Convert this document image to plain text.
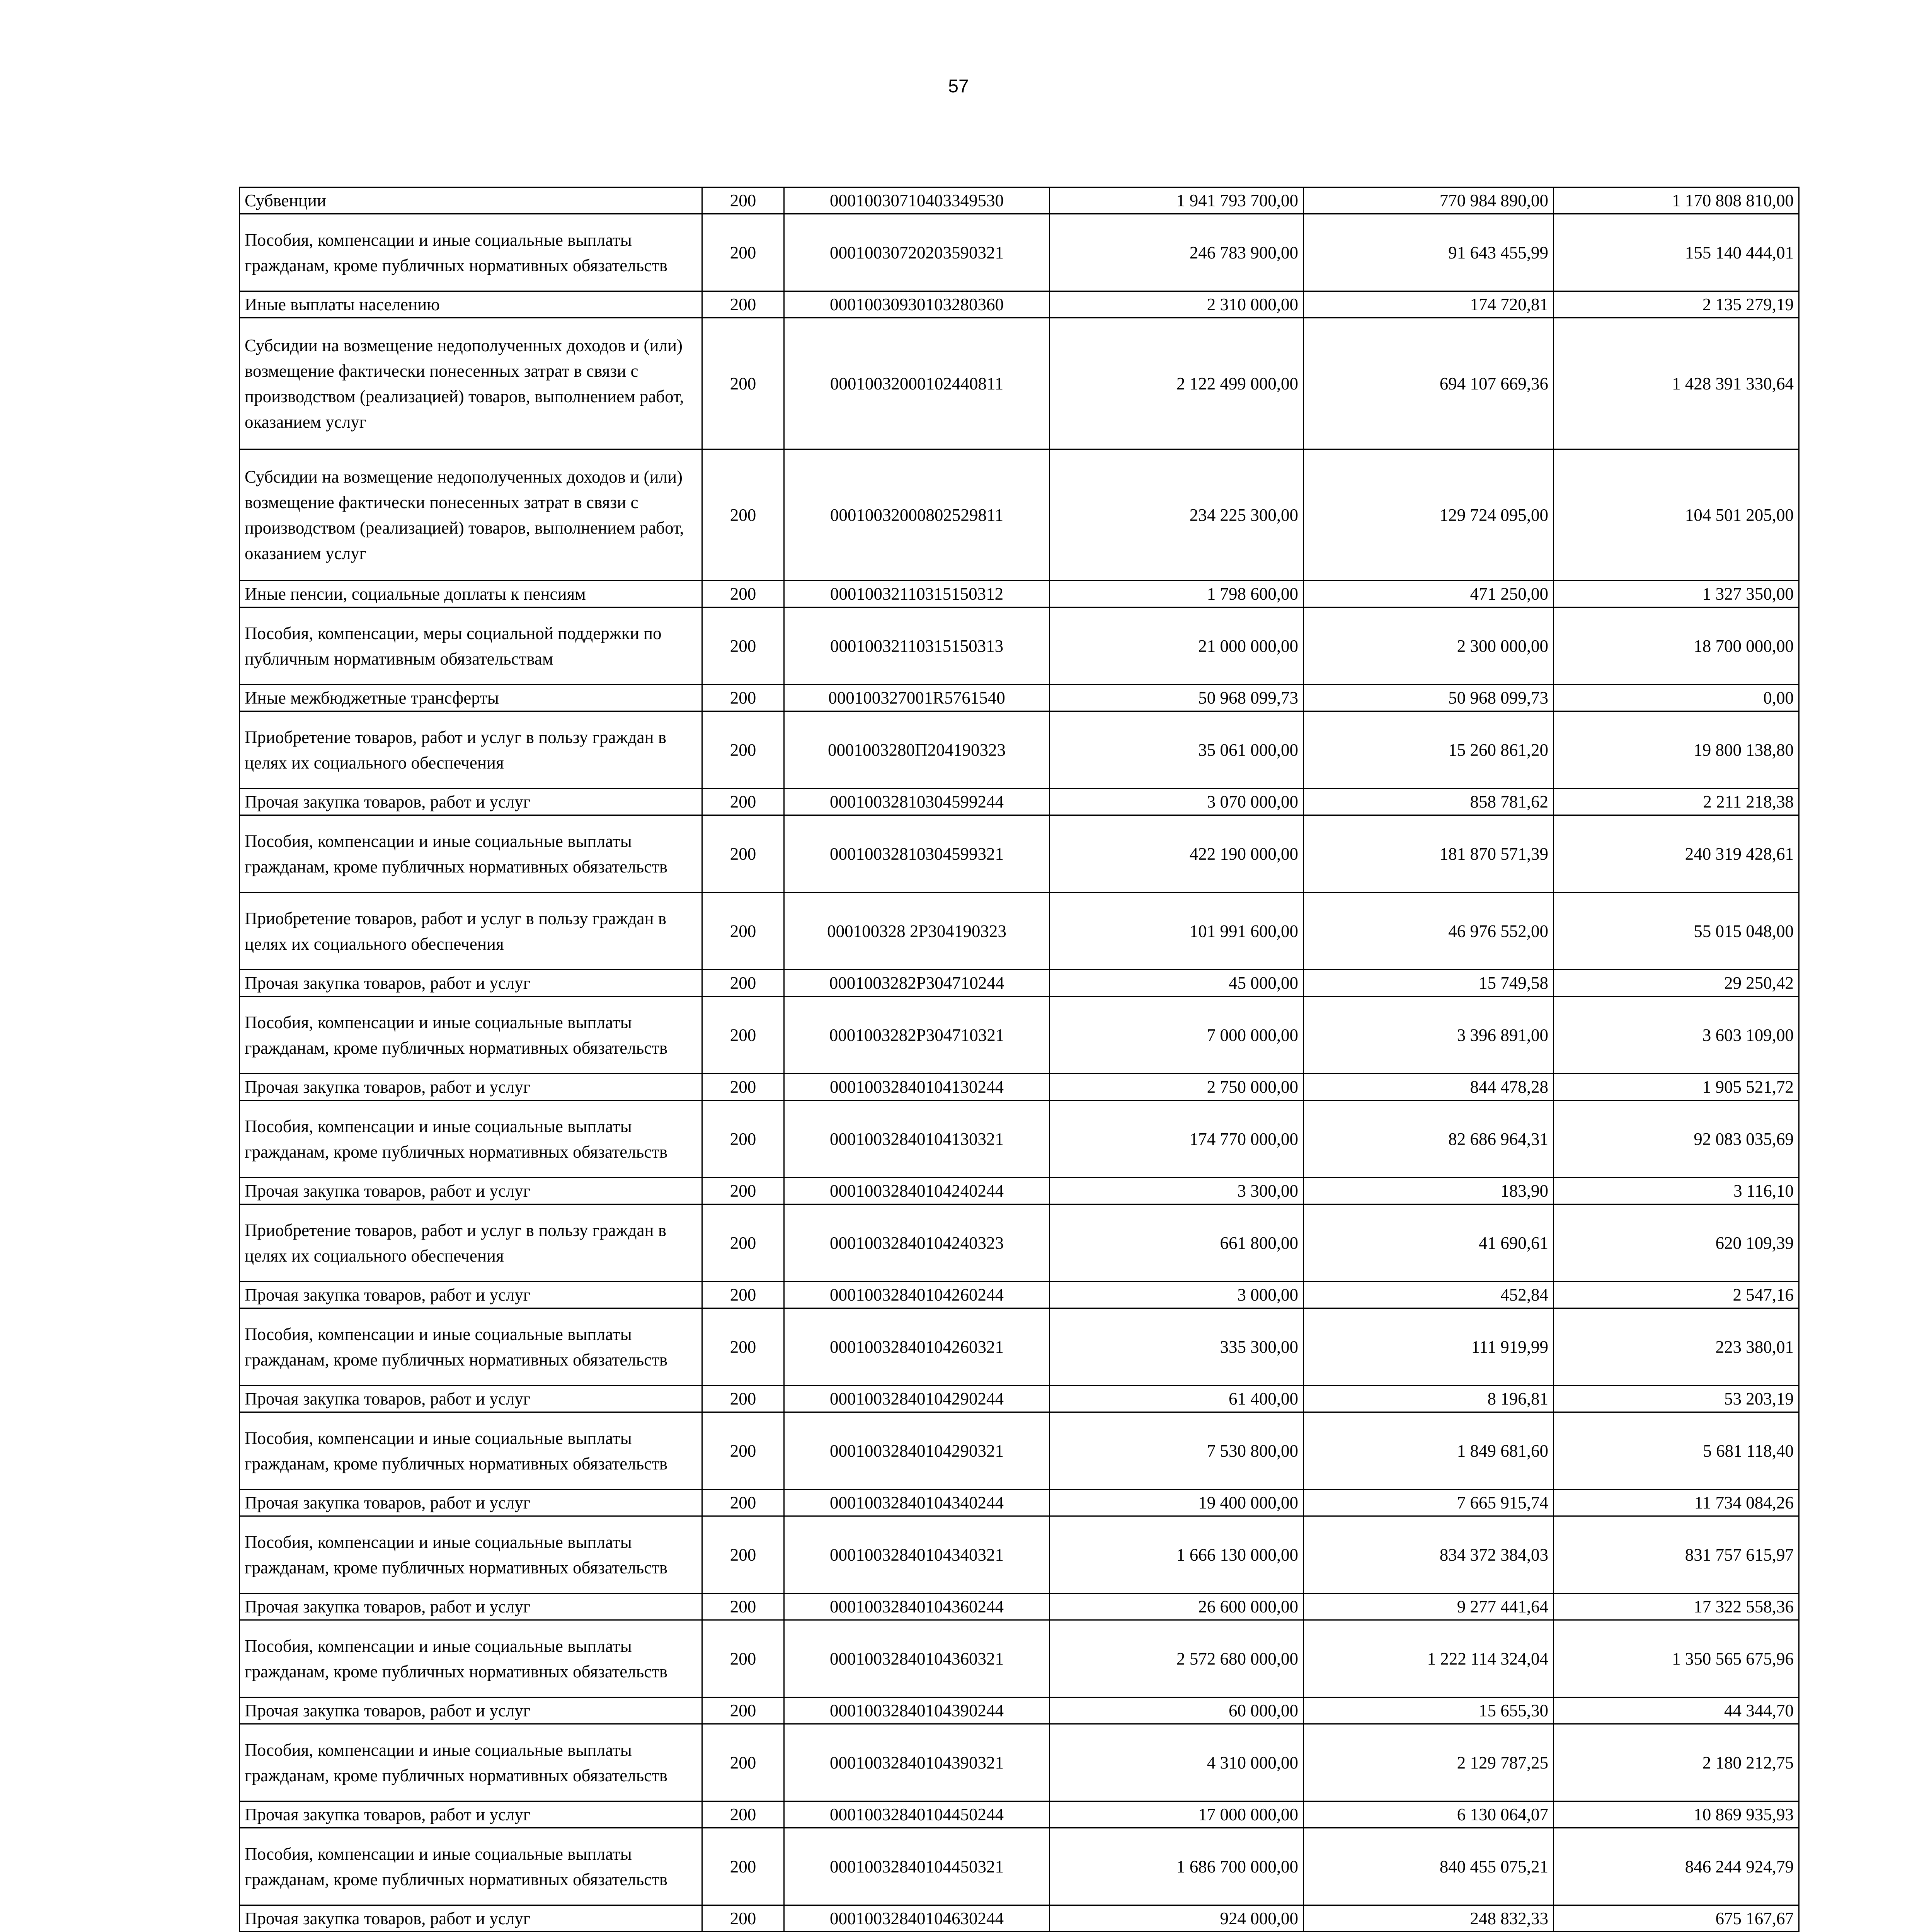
57
Субвенции	200	00010030710403349530	1 941 793 700,00	770 984 890,00	1 170 808 810,00
Пособия, компенсации и иные социальные выплаты гражданам, кроме публичных нормативных обязательств	200	00010030720203590321	246 783 900,00	91 643 455,99	155 140 444,01
Иные выплаты населению	200	00010030930103280360	2 310 000,00	174 720,81	2 135 279,19
Субсидии на возмещение недополученных доходов и (или) возмещение фактически понесенных затрат в связи с производством (реализацией) товаров, выполнением работ, оказанием услуг	200	00010032000102440811	2 122 499 000,00	694 107 669,36	1 428 391 330,64
Субсидии на возмещение недополученных доходов и (или) возмещение фактически понесенных затрат в связи с производством (реализацией) товаров, выполнением работ, оказанием услуг	200	00010032000802529811	234 225 300,00	129 724 095,00	104 501 205,00
Иные пенсии, социальные доплаты к пенсиям	200	00010032110315150312	1 798 600,00	471 250,00	1 327 350,00
Пособия, компенсации, меры социальной поддержки по публичным нормативным обязательствам	200	00010032110315150313	21 000 000,00	2 300 000,00	18 700 000,00
Иные межбюджетные трансферты	200	000100327001R5761540	50 968 099,73	50 968 099,73	0,00
Приобретение товаров, работ и услуг в пользу граждан в целях их социального обеспечения	200	0001003280П204190323	35 061 000,00	15 260 861,20	19 800 138,80
Прочая закупка товаров, работ и услуг	200	00010032810304599244	3 070 000,00	858 781,62	2 211 218,38
Пособия, компенсации и иные социальные выплаты гражданам, кроме публичных нормативных обязательств	200	00010032810304599321	422 190 000,00	181 870 571,39	240 319 428,61
Приобретение товаров, работ и услуг в пользу граждан в целях их социального обеспечения	200	000100328 2P304190323	101 991 600,00	46 976 552,00	55 015 048,00
Прочая закупка товаров, работ и услуг	200	0001003282P304710244	45 000,00	15 749,58	29 250,42
Пособия, компенсации и иные социальные выплаты гражданам, кроме публичных нормативных обязательств	200	0001003282P304710321	7 000 000,00	3 396 891,00	3 603 109,00
Прочая закупка товаров, работ и услуг	200	00010032840104130244	2 750 000,00	844 478,28	1 905 521,72
Пособия, компенсации и иные социальные выплаты гражданам, кроме публичных нормативных обязательств	200	00010032840104130321	174 770 000,00	82 686 964,31	92 083 035,69
Прочая закупка товаров, работ и услуг	200	00010032840104240244	3 300,00	183,90	3 116,10
Приобретение товаров, работ и услуг в пользу граждан в целях их социального обеспечения	200	00010032840104240323	661 800,00	41 690,61	620 109,39
Прочая закупка товаров, работ и услуг	200	00010032840104260244	3 000,00	452,84	2 547,16
Пособия, компенсации и иные социальные выплаты гражданам, кроме публичных нормативных обязательств	200	00010032840104260321	335 300,00	111 919,99	223 380,01
Прочая закупка товаров, работ и услуг	200	00010032840104290244	61 400,00	8 196,81	53 203,19
Пособия, компенсации и иные социальные выплаты гражданам, кроме публичных нормативных обязательств	200	00010032840104290321	7 530 800,00	1 849 681,60	5 681 118,40
Прочая закупка товаров, работ и услуг	200	00010032840104340244	19 400 000,00	7 665 915,74	11 734 084,26
Пособия, компенсации и иные социальные выплаты гражданам, кроме публичных нормативных обязательств	200	00010032840104340321	1 666 130 000,00	834 372 384,03	831 757 615,97
Прочая закупка товаров, работ и услуг	200	00010032840104360244	26 600 000,00	9 277 441,64	17 322 558,36
Пособия, компенсации и иные социальные выплаты гражданам, кроме публичных нормативных обязательств	200	00010032840104360321	2 572 680 000,00	1 222 114 324,04	1 350 565 675,96
Прочая закупка товаров, работ и услуг	200	00010032840104390244	60 000,00	15 655,30	44 344,70
Пособия, компенсации и иные социальные выплаты гражданам, кроме публичных нормативных обязательств	200	00010032840104390321	4 310 000,00	2 129 787,25	2 180 212,75
Прочая закупка товаров, работ и услуг	200	00010032840104450244	17 000 000,00	6 130 064,07	10 869 935,93
Пособия, компенсации и иные социальные выплаты гражданам, кроме публичных нормативных обязательств	200	00010032840104450321	1 686 700 000,00	840 455 075,21	846 244 924,79
Прочая закупка товаров, работ и услуг	200	00010032840104630244	924 000,00	248 832,33	675 167,67
